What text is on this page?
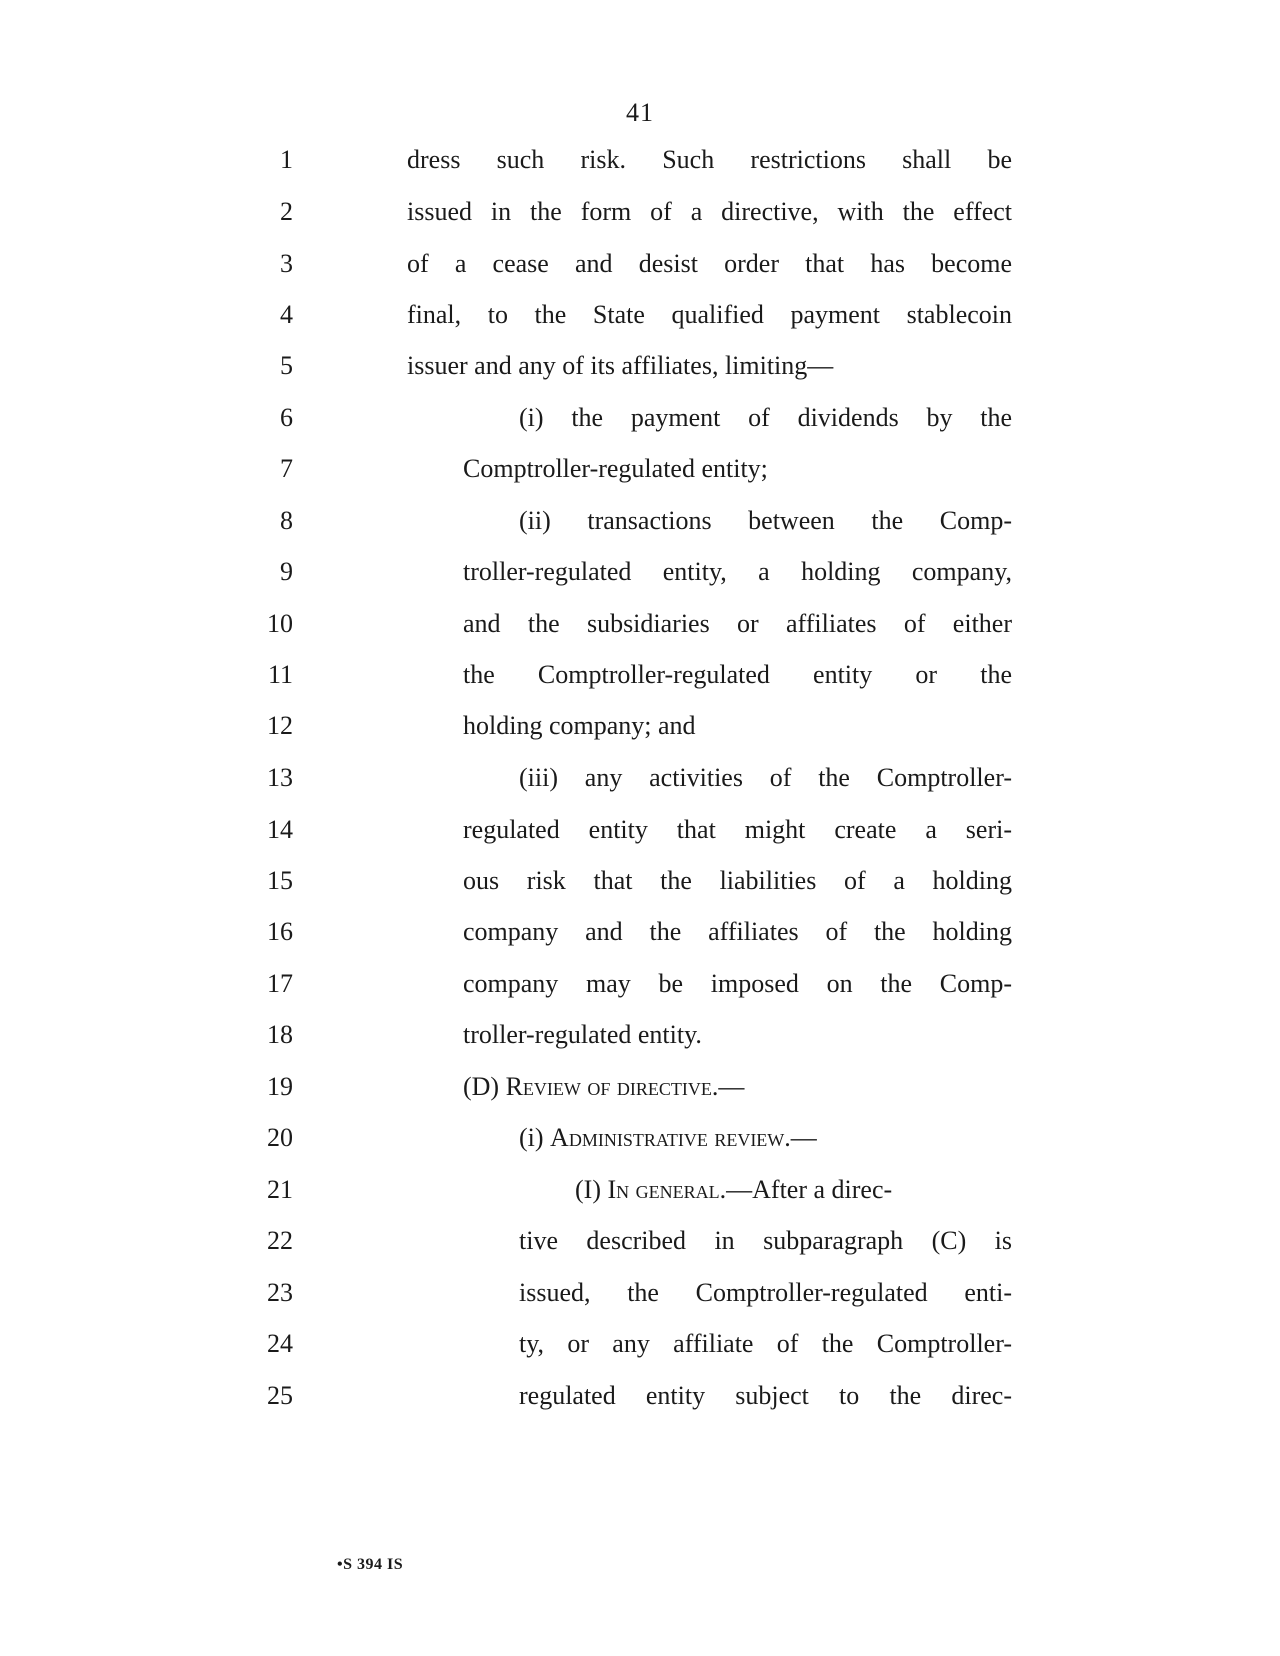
41
1	dress such risk. Such restrictions shall be
2	issued in the form of a directive, with the effect
3	of a cease and desist order that has become
4	final, to the State qualified payment stablecoin
5	issuer and any of its affiliates, limiting—
6	(i) the payment of dividends by the
7	Comptroller-regulated entity;
8	(ii) transactions between the Comp-
9	troller-regulated entity, a holding company,
10	and the subsidiaries or affiliates of either
11	the Comptroller-regulated entity or the
12	holding company; and
13	(iii) any activities of the Comptroller-
14	regulated entity that might create a seri-
15	ous risk that the liabilities of a holding
16	company and the affiliates of the holding
17	company may be imposed on the Comp-
18	troller-regulated entity.
19	(D) Review of directive.—
20	(i) Administrative review.—
21	(I) In general.—After a direc-
22	tive described in subparagraph (C) is
23	issued, the Comptroller-regulated enti-
24	ty, or any affiliate of the Comptroller-
25	regulated entity subject to the direc-
•S 394 IS
